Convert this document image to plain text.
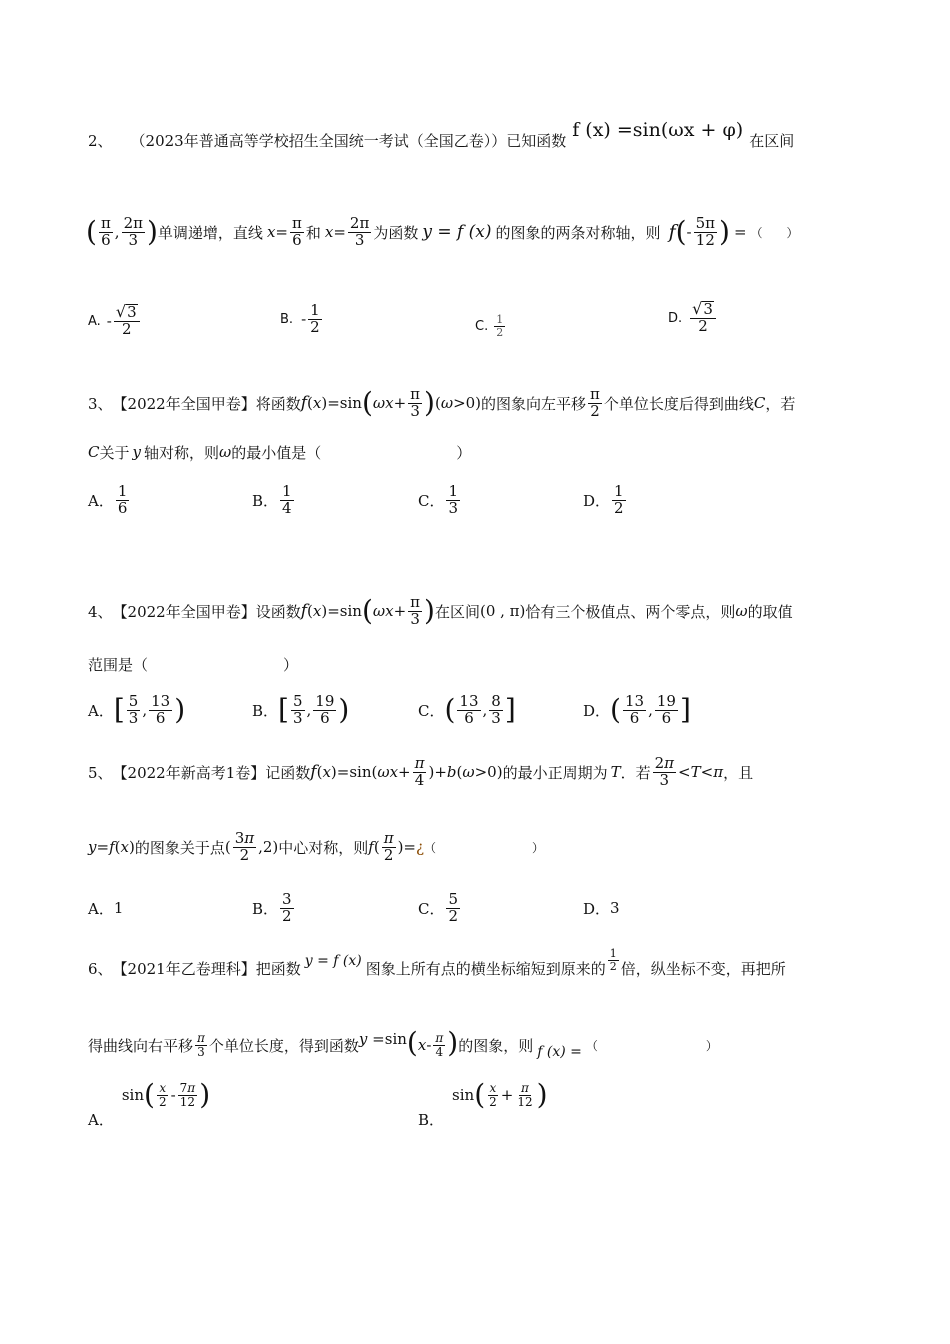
2、 （2023年普通高等学校招生全国统一考试（全国乙卷））已知函数 f (x) =sin(ωx + φ) 在区间
( π
6 ,
2π
3 ) 单调递增，直线 $x = \frac{\pi}{6}$ 和 $x = \frac{2\pi}{3}$ 为函数 y = f (x) 的图象的两条对称轴，则 f ( -
5π
12 ) = （　　）
A. - √ 3
2
B. -
1
2	C. 1
2
D. √ 3
2
3、 【2022年全国甲卷】 将函数 f ( x )=sin ( $\omega x + \frac{\pi}{3}$ ) ( ω >0) 的图象向左平移
π
2 个单位长度后得到曲线 C ，若
C 关于 y 轴对称，则 ω 的最小值是（　　　　　　　　　）
A．
1
6	B．
1
4	C．
1
3	D．
1
2
4、 【2022年全国甲卷】 设函数 f ( x )=sin ( $\omega x + \frac{\pi}{3}$ ) 在区间 (0 , π) 恰有三个极值点、两个零点，则 ω 的取值
范围是（　　　　　　　　　）
A． [ 5
3 ,
13
6 )	B． [ 5
3 ,
19
6 )	C． ( 13
6 ,
8
3 ]	D． ( 13
6 ,
19
6 ]
5、 【2022年新高考1卷】 记函数 f ( x )=sin( $\omega x + \frac{\pi}{4}$ )+ b ( ω >0) 的最小正周期为 T ．若
2π
3 < T < π ，且
y = f ( x ) 的图象关于点 (
3π
2 ,2) 中心对称，则 f (
π
2 )= ¿ （　　　　　　　　）
A． 1	B．
3
2	C．
5
2	D． 3
6、 【2021年乙卷理科】 把函数 y = f (x) 图象上所有点的横坐标缩短到原来的
1
2 倍，纵坐标不变，再把所
得曲线向右平移 π
3 个单位长度，得到函数 y =sin ( x - π
4 ) 的图象，则 f (x) = （　　　　　　　　　）
A．
sin ( x
2 - 7π
12 )
B．
sin ( x
$2 + \frac{\pi}{12}$ )
